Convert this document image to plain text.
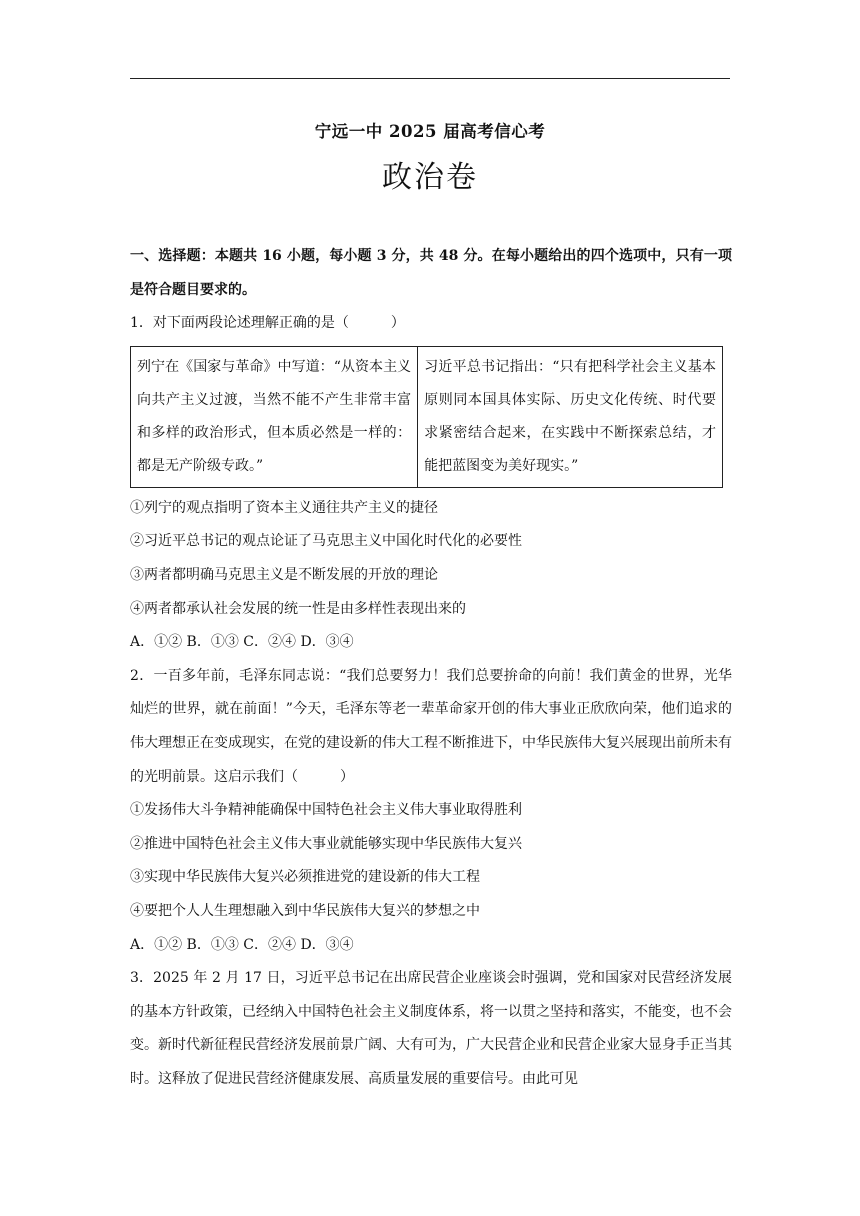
宁远一中 2025 届高考信心考
政治卷
一、选择题：本题共 16 小题，每小题 3 分，共 48 分。在每小题给出的四个选项中，只有一项是符合题目要求的。
1．对下面两段论述理解正确的是（　　　）
列宁在《国家与革命》中写道：“从资本主义向共产主义过渡，当然不能不产生非常丰富和多样的政治形式，但本质必然是一样的：都是无产阶级专政。”	习近平总书记指出：“只有把科学社会主义基本原则同本国具体实际、历史文化传统、时代要求紧密结合起来，在实践中不断探索总结，才能把蓝图变为美好现实。”
①列宁的观点指明了资本主义通往共产主义的捷径
②习近平总书记的观点论证了马克思主义中国化时代化的必要性
③两者都明确马克思主义是不断发展的开放的理论
④两者都承认社会发展的统一性是由多样性表现出来的
A．①② B．①③ C．②④ D．③④
2．一百多年前，毛泽东同志说：“我们总要努力！我们总要拚命的向前！我们黄金的世界，光华灿烂的世界，就在前面！”今天，毛泽东等老一辈革命家开创的伟大事业正欣欣向荣，他们追求的伟大理想正在变成现实，在党的建设新的伟大工程不断推进下，中华民族伟大复兴展现出前所未有的光明前景。这启示我们（　　　）
①发扬伟大斗争精神能确保中国特色社会主义伟大事业取得胜利
②推进中国特色社会主义伟大事业就能够实现中华民族伟大复兴
③实现中华民族伟大复兴必须推进党的建设新的伟大工程
④要把个人人生理想融入到中华民族伟大复兴的梦想之中
A．①② B．①③ C．②④ D．③④
3．2025 年 2 月 17 日，习近平总书记在出席民营企业座谈会时强调，党和国家对民营经济发展的基本方针政策，已经纳入中国特色社会主义制度体系，将一以贯之坚持和落实，不能变，也不会变。新时代新征程民营经济发展前景广阔、大有可为，广大民营企业和民营企业家大显身手正当其时。这释放了促进民营经济健康发展、高质量发展的重要信号。由此可见
